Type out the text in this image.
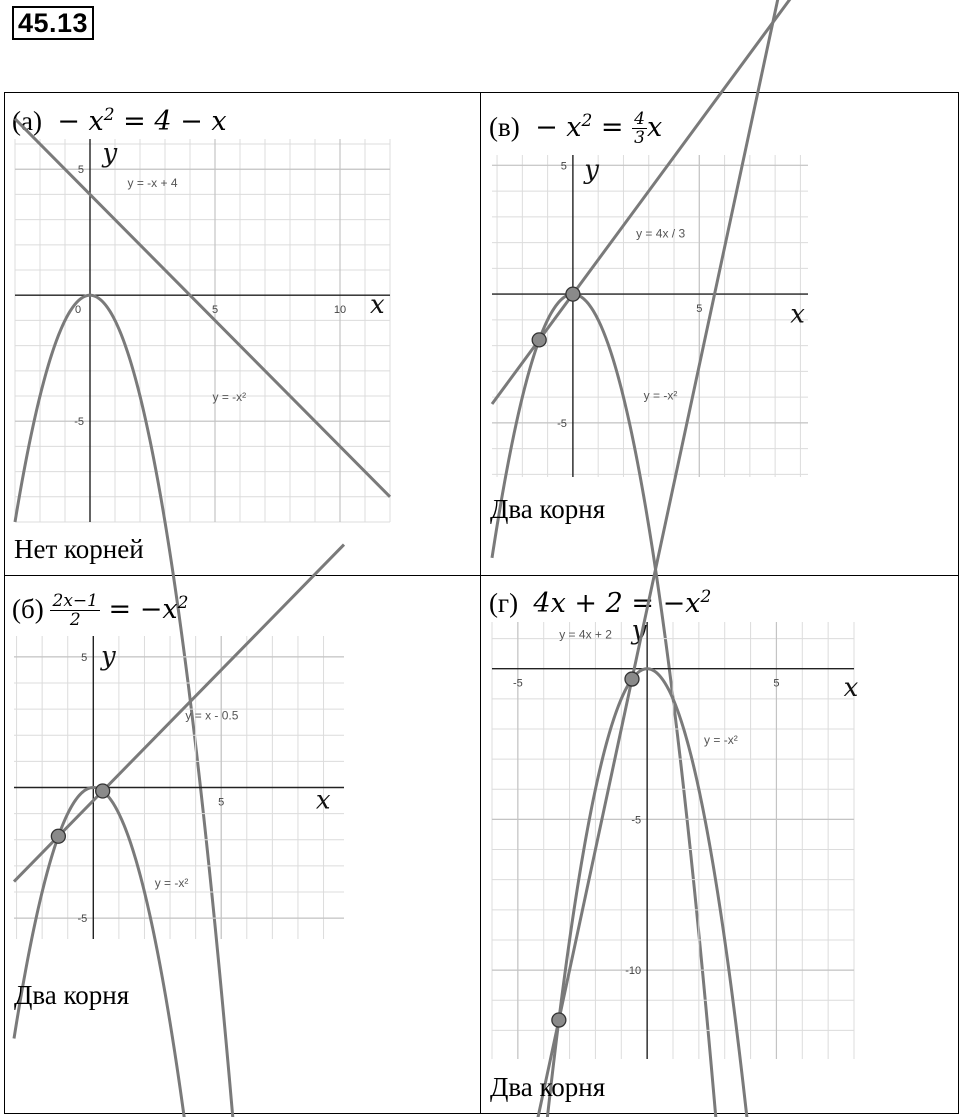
45.13
$(а) - x^2 = 4 - x$
0	5	10
5
-5
x
y
y = -x + 4
y = -x²
Нет корней
$(в) - x^2 = \frac{4}{3}$ x
5
5
-5
x
y
y = 4x / 3
y = -x²
Два корня
$(б) \frac{2x-1}{2} = -x^2$
5
5
-5
x
y
y = x - 0.5
y = -x²
Два корня
(г)  $4x + 2 = -x^2$
-5	5
-5
-10
x
y
y = 4x + 2
y = -x²
Два корня
